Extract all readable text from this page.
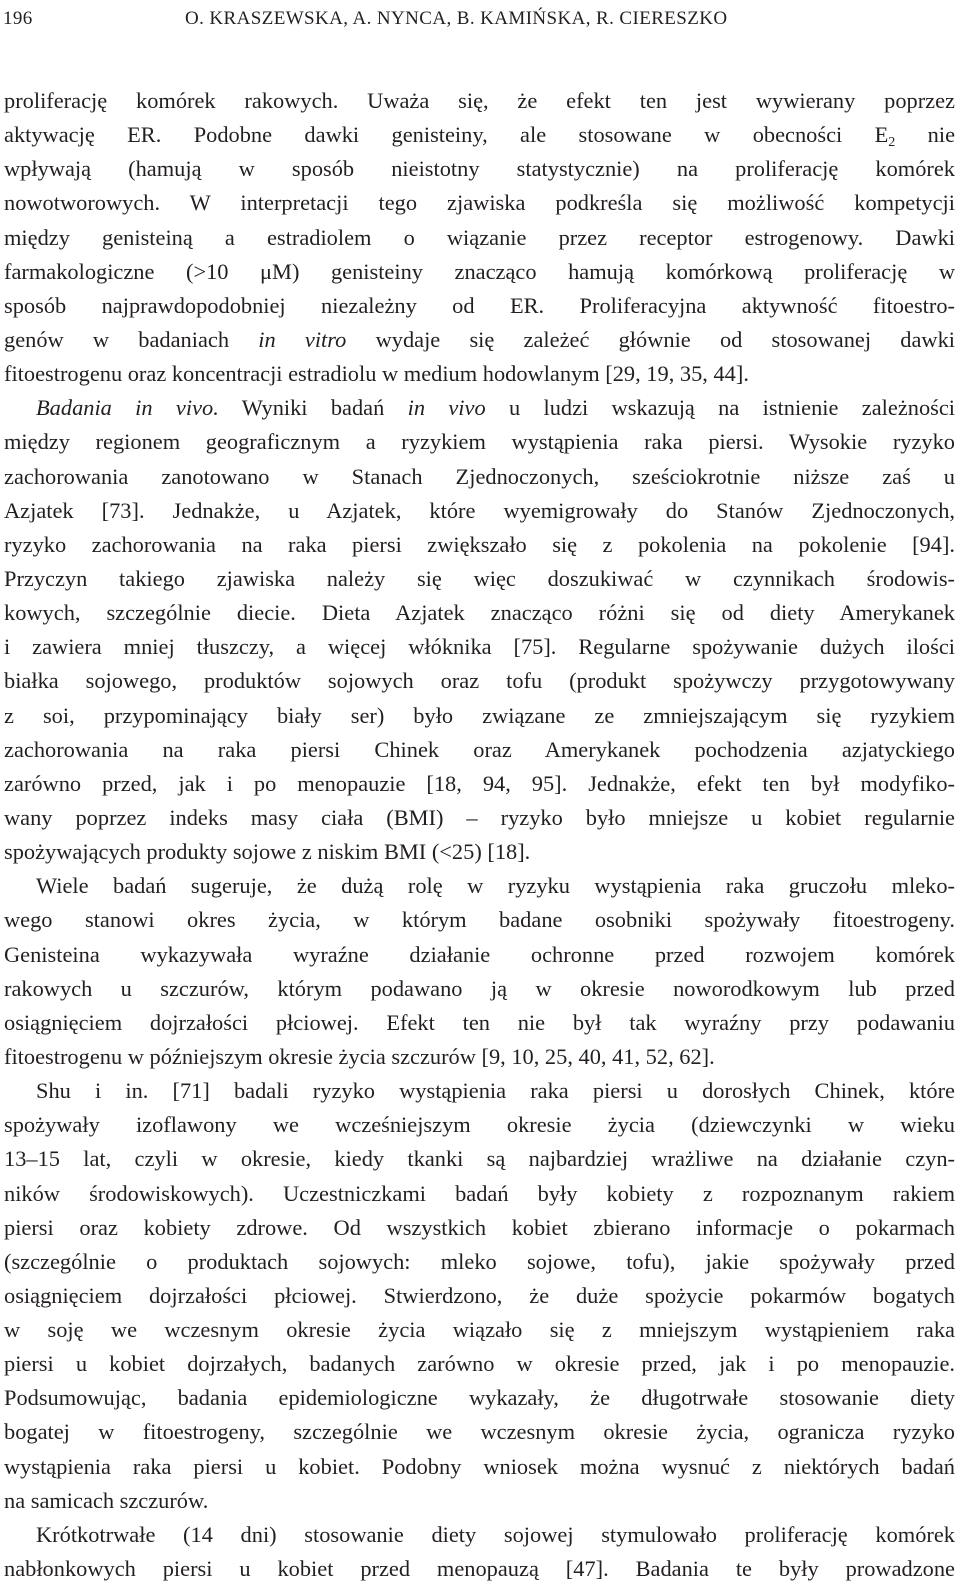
196	O. KRASZEWSKA, A. NYNCA, B. KAMIŃSKA, R. CIERESZKO
proliferację komórek rakowych. Uważa się, że efekt ten jest wywierany poprzez
aktywację ER. Podobne dawki genisteiny, ale stosowane w obecności $E_2$ nie
wpływają (hamują w sposób nieistotny statystycznie) na proliferację komórek
nowotworowych. W interpretacji tego zjawiska podkreśla się możliwość kompetycji
między genisteiną a estradiolem o wiązanie przez receptor estrogenowy. Dawki
farmakologiczne (>10 μM) genisteiny znacząco hamują komórkową proliferację w
sposób najprawdopodobniej niezależny od ER. Proliferacyjna aktywność fitoestro-
genów w badaniach in vitro wydaje się zależeć głównie od stosowanej dawki
fitoestrogenu oraz koncentracji estradiolu w medium hodowlanym [29, 19, 35, 44].
Badania in vivo. Wyniki badań in vivo u ludzi wskazują na istnienie zależności
między regionem geograficznym a ryzykiem wystąpienia raka piersi. Wysokie ryzyko
zachorowania zanotowano w Stanach Zjednoczonych, sześciokrotnie niższe zaś u
Azjatek [73]. Jednakże, u Azjatek, które wyemigrowały do Stanów Zjednoczonych,
ryzyko zachorowania na raka piersi zwiększało się z pokolenia na pokolenie [94].
Przyczyn takiego zjawiska należy się więc doszukiwać w czynnikach środowis-
kowych, szczególnie diecie. Dieta Azjatek znacząco różni się od diety Amerykanek
i zawiera mniej tłuszczy, a więcej włóknika [75]. Regularne spożywanie dużych ilości
białka sojowego, produktów sojowych oraz tofu (produkt spożywczy przygotowywany
z soi, przypominający biały ser) było związane ze zmniejszającym się ryzykiem
zachorowania na raka piersi Chinek oraz Amerykanek pochodzenia azjatyckiego
zarówno przed, jak i po menopauzie [18, 94, 95]. Jednakże, efekt ten był modyfiko-
wany poprzez indeks masy ciała (BMI) – ryzyko było mniejsze u kobiet regularnie
spożywających produkty sojowe z niskim BMI (<25) [18].
Wiele badań sugeruje, że dużą rolę w ryzyku wystąpienia raka gruczołu mleko-
wego stanowi okres życia, w którym badane osobniki spożywały fitoestrogeny.
Genisteina wykazywała wyraźne działanie ochronne przed rozwojem komórek
rakowych u szczurów, którym podawano ją w okresie noworodkowym lub przed
osiągnięciem dojrzałości płciowej. Efekt ten nie był tak wyraźny przy podawaniu
fitoestrogenu w późniejszym okresie życia szczurów [9, 10, 25, 40, 41, 52, 62].
Shu i in. [71] badali ryzyko wystąpienia raka piersi u dorosłych Chinek, które
spożywały izoflawony we wcześniejszym okresie życia (dziewczynki w wieku
13–15 lat, czyli w okresie, kiedy tkanki są najbardziej wrażliwe na działanie czyn-
ników środowiskowych). Uczestniczkami badań były kobiety z rozpoznanym rakiem
piersi oraz kobiety zdrowe. Od wszystkich kobiet zbierano informacje o pokarmach
(szczególnie o produktach sojowych: mleko sojowe, tofu), jakie spożywały przed
osiągnięciem dojrzałości płciowej. Stwierdzono, że duże spożycie pokarmów bogatych
w soję we wczesnym okresie życia wiązało się z mniejszym wystąpieniem raka
piersi u kobiet dojrzałych, badanych zarówno w okresie przed, jak i po menopauzie.
Podsumowując, badania epidemiologiczne wykazały, że długotrwałe stosowanie diety
bogatej w fitoestrogeny, szczególnie we wczesnym okresie życia, ogranicza ryzyko
wystąpienia raka piersi u kobiet. Podobny wniosek można wysnuć z niektórych badań
na samicach szczurów.
Krótkotrwałe (14 dni) stosowanie diety sojowej stymulowało proliferację komórek
nabłonkowych piersi u kobiet przed menopauzą [47]. Badania te były prowadzone
